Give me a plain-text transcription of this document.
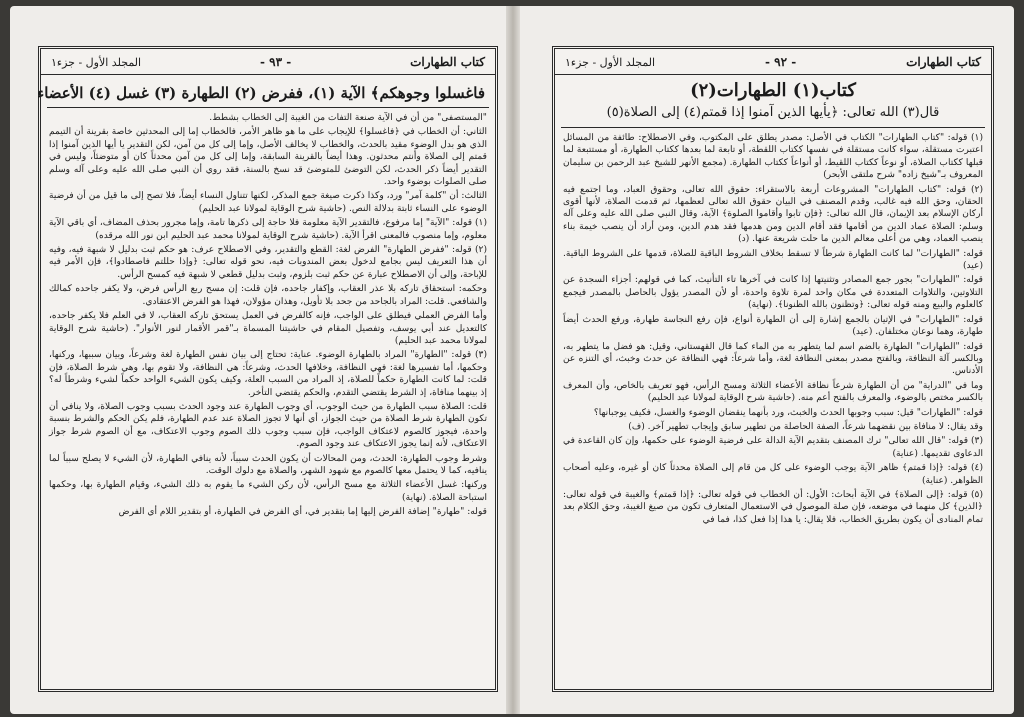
كتاب الطهارات
- ٩٣ -
المجلد الأول - جزء١
فاغسلوا وجوهكم﴾ الآية (١)، ففرض (٢) الطهارة (٣) غسل (٤) الأعضاء

"المستصفى" من أن في الآية صنعة التفات من الغيبة إلى الخطاب بشطط.

الثاني: أن الخطاب في ﴿فاغسلوا﴾ للإيجاب على ما هو ظاهر الأمر، فالخطاب إما إلى المحدثين خاصة بقرينة أن التيمم الذي هو بدل الوضوء مقيد بالحدث، والخطاب لا يخالف الأصل، وإما إلى كل من آمن، لكن التقدير يا أيها الذين آمنوا إذا قمتم إلى الصلاة وأنتم محدثون. وهذا أيضاً بالقرينة السابقة، وإما إلى كل من آمن محدثاً كان أو متوضئاً، وليس في التقدير أيضاً ذكر الحدث، لكن التوضئ للمتوضئ قد نسخ بالسنة، فقد روي أن النبي صلى الله عليه وعلى آله وسلم صلى الصلوات بوضوء واحد.

الثالث: أن "كلمة آمر" ورد، وكذا ذكرت صيغة جمع المذكر، لكنها تتناول النساء أيضاً، فلا تصح إلى ما قيل من أن فرضية الوضوء على النساء ثابتة بدلالة النص. (حاشية شرح الوقاية لمولانا عبد الحليم)

(١) قوله: "الآية" إما مرفوع، فالتقدير الآية معلومة فلا حاجة إلى ذكرها تامة، وإما مجرور بحذف المضاف، أي باقي الآية معلوم، وإما منصوب فالمعنى اقرأ الآية. (حاشية شرح الوقاية لمولانا محمد عبد الحليم ابن نور الله مرقده)

(٢) قوله: "ففرض الطهارة" الفرض لغة: القطع والتقدير، وفي الاصطلاح عرف: هو حكم ثبت بدليل لا شبهة فيه، وفيه أن هذا التعريف ليس بجامع لدخول بعض المندوبات فيه، نحو قوله تعالى: ﴿وإذا حللتم فاصطادوا﴾، فإن الأمر فيه للإباحة، وإلى أن الاصطلاح عبارة عن حكم ثبت بلزوم، وثبت بدليل قطعي لا شبهة فيه كمسح الرأس.

وحكمه: استحقاق تاركه بلا عذر العقاب، وإكفار جاحده، فإن قلت: إن مسح ربع الرأس فرض، ولا يكفر جاحده كمالك والشافعي. قلت: المراد بالجاحد من جحد بلا تأويل، وهذان مؤولان، فهذا هو الفرض الاعتقادي.

وأما الفرض العملي فيطلق على الواجب، فإنه كالفرض في العمل يستحق تاركه العقاب، لا في العلم فلا يكفر جاحده، كالتعديل عند أبي يوسف، وتفصيل المقام في حاشيتنا المسماة بـ"قمر الأقمار لنور الأنوار". (حاشية شرح الوقاية لمولانا محمد عبد الحليم)

(٣) قوله: "الطهارة" المراد بالطهارة الوضوء. عناية: تحتاج إلى بيان نفس الطهارة لغة وشرعاً، وبيان سببها، وركنها، وحكمها، أما تفسيرها لغة: فهي النظافة، وخلافها الحدث، وشرعاً: هي النظافة، ولا تقوم بها، وهي شرط الصلاة، فإن قلت: لما كانت الطهارة حكماً للصلاة، إذ المراد من السبب العلة، وكيف يكون الشيء الواحد حكماً لشيء وشرطاً له؟ إذ بينهما منافاة، إذ الشرط يقتضي التقدم، والحكم يقتضي التأخر.

قلت: الصلاة سبب الطهارة من حيث الوجوب، أي وجوب الطهارة عند وجود الحدث بسبب وجوب الصلاة، ولا ينافي أن تكون الطهارة شرط الصلاة من حيث الجواز، أي أنها لا تجوز الصلاة عند عدم الطهارة، فلم يكن الحكم والشرط بنسبة واحدة، فيجوز كالصوم لاعتكاف الواجب، فإن سبب وجوب ذلك الصوم وجوب الاعتكاف، مع أن الصوم شرط جواز الاعتكاف، لأنه إنما يجوز الاعتكاف عند وجود الصوم.

وشرط وجوب الطهارة: الحدث، ومن المحالات أن يكون الحدث سبباً، لأنه ينافي الطهارة، لأن الشيء لا يصلح سبباً لما ينافيه، كما لا يحتمل معها كالصوم مع شهود الشهر، والصلاة مع دلوك الوقت.

وركنها: غسل الأعضاء الثلاثة مع مسح الرأس، لأن ركن الشيء ما يقوم به ذلك الشيء، وقيام الطهارة بها، وحكمها استباحة الصلاة. (نهاية)

قوله: "طهارة" إضافة الفرض إليها إما بتقدير في، أي الفرض في الطهارة، أو بتقدير اللام أي الفرض

كتاب الطهارات
- ٩٢ -
المجلد الأول - جزء١
كتاب(١) الطهارات(٢)
قال(٣) الله تعالى: ﴿يأيها الذين آمنوا إذا قمتم(٤) إلى الصلاة(٥)

(١) قوله: "كتاب الطهارات" الكتاب في الأصل: مصدر يطلق على المكتوب، وفي الاصطلاح: طائفة من المسائل اعتبرت مستقلة، سواء كانت مستقلة في نفسها ككتاب اللقطة، أو تابعة لما بعدها ككتاب الطهارة، أو مستتبعة لما قبلها ككتاب الصلاة، أو نوعاً ككتاب اللقيط، أو أنواعاً ككتاب الطهارة. (مجمع الأنهر للشيخ عبد الرحمن بن سليمان المعروف بـ"شيخ زاده" شرح ملتقى الأبحر)

(٢) قوله: "كتاب الطهارات" المشروعات أربعة بالاستقراء: حقوق الله تعالى، وحقوق العباد، وما اجتمع فيه الحقان، وحق الله فيه غالب، وقدم المصنف في البيان حقوق الله تعالى لعظمها، ثم قدمت الصلاة، لأنها أقوى أركان الإسلام بعد الإيمان، قال الله تعالى: ﴿فإن تابوا وأقاموا الصلوة﴾ الآية، وقال النبي صلى الله عليه وعلى آله وسلم: الصلاة عماد الدين من أقامها فقد أقام الدين ومن هدمها فقد هدم الدين، ومن أراد أن ينصب خيمة بناء ينصب العماد، وهي من أعلى معالم الدين ما حلت شريعة عنها. (د)

قوله: "الطهارات" لما كانت الطهارة شرطاً لا تسقط بخلاف الشروط الباقية للصلاة، قدمها على الشروط الباقية. (عيد)

قوله: "الطهارات" بجور جمع المصادر وتثنيتها إذا كانت في آخرها تاء التأنيث، كما في قولهم: أجزاء السجدة عن التلاوتين، والتلاوات المتعددة في مكان واحد لمرة تلاوة واحدة، أو لأن المصدر يؤول بالحاصل بالمصدر فيجمع كالعلوم والبيع ومنه قوله تعالى: ﴿وتظنون بالله الظنونا﴾. (نهاية)

قوله: "الطهارات" في الإتيان بالجمع إشارة إلى أن الطهارة أنواع، فإن رفع النجاسة طهارة، ورفع الحدث أيضاً طهارة، وهما نوعان مختلفان. (عيد)

قوله: "الطهارات" الطهارة بالضم اسم لما يتطهر به من الماء كما قال القهستاني، وقيل: هو فضل ما يتطهر به، وبالكسر آلة النظافة، وبالفتح مصدر بمعنى النظافة لغة، وأما شرعاً: فهي النظافة عن حدث وخبث، أي التنزه عن الأدناس.

وما في "الدراية" من أن الطهارة شرعاً نظافة الأعضاء الثلاثة ومسح الرأس، فهو تعريف بالخاص، وأن المعرف بالكسر مختص بالوضوء، والمعرف بالفتح أعم منه. (حاشية شرح الوقاية لمولانا عبد الحليم)

قوله: "الطهارات" قيل: سبب وجوبها الحدث والخبث، ورد بأنهما ينقضان الوضوء والغسل، فكيف يوجبانها؟

وقد يقال: لا منافاة بين نقضهما شرعاً، الصفة الحاصلة من تطهير سابق وإيجاب تطهير آخر. (ف)

(٣) قوله: "قال الله تعالى" ترك المصنف بتقديم الآية الدالة على فرضية الوضوء على حكمها، وإن كان القاعدة في الدعاوى تقديمها. (عناية)

(٤) قوله: ﴿إذا قمتم﴾ ظاهر الآية يوجب الوضوء على كل من قام إلى الصلاة محدثاً كان أو غيره، وعليه أصحاب الظواهر. (عناية)

(٥) قوله: ﴿إلى الصلاة﴾ في الآية أبحاث: الأول: أن الخطاب في قوله تعالى: ﴿إذا قمتم﴾ والغيبة في قوله تعالى: ﴿الذين﴾ كل منهما في موضعه، فإن صلة الموصول في الاستعمال المتعارف تكون من صيغ الغيبة، وحق الكلام بعد تمام المنادى أن يكون بطريق الخطاب، فلا يقال: يا هذا إذا فعل كذا، فما في
